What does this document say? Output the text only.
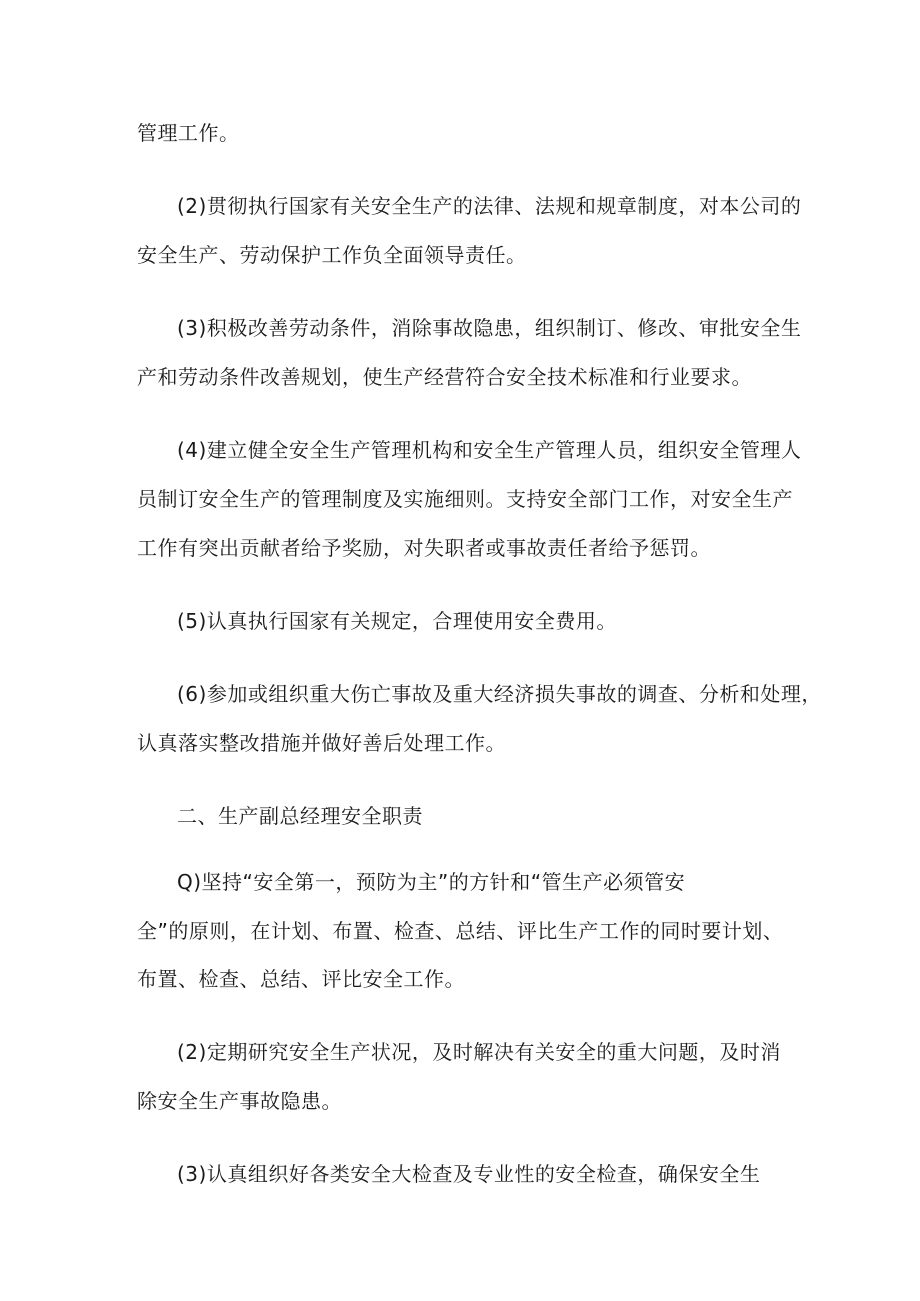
管理工作。
(2)贯彻执行国家有关安全生产的法律、法规和规章制度，对本公司的
安全生产、劳动保护工作负全面领导责任。
(3)积极改善劳动条件，消除事故隐患，组织制订、修改、审批安全生
产和劳动条件改善规划，使生产经营符合安全技术标准和行业要求。
(4)建立健全安全生产管理机构和安全生产管理人员，组织安全管理人
员制订安全生产的管理制度及实施细则。支持安全部门工作，对安全生产
工作有突出贡献者给予奖励，对失职者或事故责任者给予惩罚。
(5)认真执行国家有关规定，合理使用安全费用。
(6)参加或组织重大伤亡事故及重大经济损失事故的调查、分析和处理，
认真落实整改措施并做好善后处理工作。
二、生产副总经理安全职责
Q)坚持“安全第一，预防为主”的方针和“管生产必须管安
全”的原则，在计划、布置、检查、总结、评比生产工作的同时要计划、
布置、检查、总结、评比安全工作。
(2)定期研究安全生产状况，及时解决有关安全的重大问题，及时消
除安全生产事故隐患。
(3)认真组织好各类安全大检查及专业性的安全检查，确保安全生
